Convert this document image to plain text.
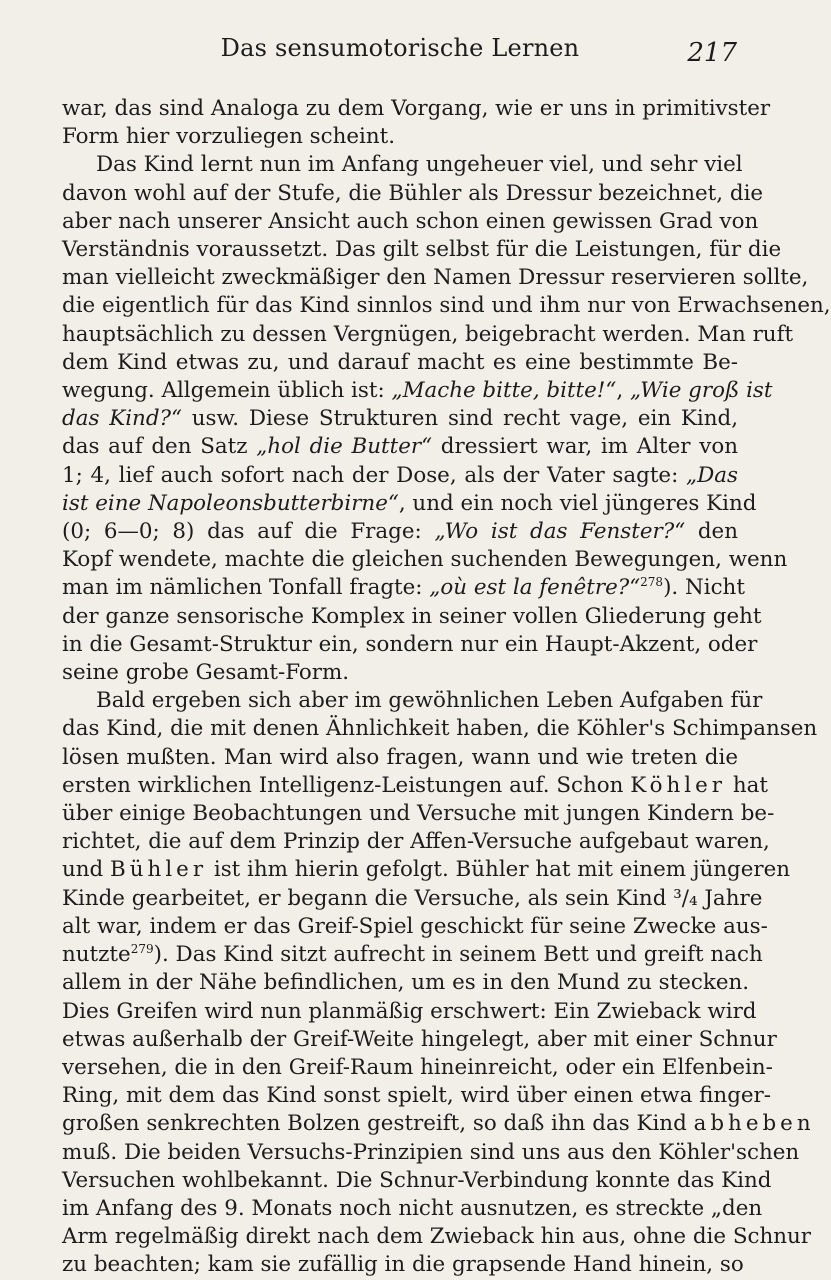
Das sensumotorische Lernen	217
war, das sind Analoga zu dem Vorgang, wie er uns in primitivster
Form hier vorzuliegen scheint.
Das Kind lernt nun im Anfang ungeheuer viel, und sehr viel
davon wohl auf der Stufe, die Bühler als Dressur bezeichnet, die
aber nach unserer Ansicht auch schon einen gewissen Grad von
Verständnis voraussetzt. Das gilt selbst für die Leistungen, für die
man vielleicht zweckmäßiger den Namen Dressur reservieren sollte,
die eigentlich für das Kind sinnlos sind und ihm nur von Erwachsenen,
hauptsächlich zu dessen Vergnügen, beigebracht werden. Man ruft
dem Kind etwas zu, und darauf macht es eine bestimmte Be-
wegung. Allgemein üblich ist: „Mache bitte, bitte!“, „Wie groß ist
das Kind?“ usw. Diese Strukturen sind recht vage, ein Kind,
das auf den Satz „hol die Butter“ dressiert war, im Alter von
1; 4, lief auch sofort nach der Dose, als der Vater sagte: „Das
ist eine Napoleonsbutterbirne“, und ein noch viel jüngeres Kind
(0; 6—0; 8) das auf die Frage: „Wo ist das Fenster?“ den
Kopf wendete, machte die gleichen suchenden Bewegungen, wenn
man im nämlichen Tonfall fragte: „où est la fenêtre?“$^{278}$). Nicht
der ganze sensorische Komplex in seiner vollen Gliederung geht
in die Gesamt-Struktur ein, sondern nur ein Haupt-Akzent, oder
seine grobe Gesamt-Form.
Bald ergeben sich aber im gewöhnlichen Leben Aufgaben für
das Kind, die mit denen Ähnlichkeit haben, die Köhler's Schimpansen
lösen mußten. Man wird also fragen, wann und wie treten die
ersten wirklichen Intelligenz-Leistungen auf. Schon Köhler hat
über einige Beobachtungen und Versuche mit jungen Kindern be-
richtet, die auf dem Prinzip der Affen-Versuche aufgebaut waren,
und Bühler ist ihm hierin gefolgt. Bühler hat mit einem jüngeren
Kinde gearbeitet, er begann die Versuche, als sein Kind ³/₄ Jahre
alt war, indem er das Greif-Spiel geschickt für seine Zwecke aus-
nutzte$^{279}$). Das Kind sitzt aufrecht in seinem Bett und greift nach
allem in der Nähe befindlichen, um es in den Mund zu stecken.
Dies Greifen wird nun planmäßig erschwert: Ein Zwieback wird
etwas außerhalb der Greif-Weite hingelegt, aber mit einer Schnur
versehen, die in den Greif-Raum hineinreicht, oder ein Elfenbein-
Ring, mit dem das Kind sonst spielt, wird über einen etwa finger-
großen senkrechten Bolzen gestreift, so daß ihn das Kind abheben
muß. Die beiden Versuchs-Prinzipien sind uns aus den Köhler'schen
Versuchen wohlbekannt. Die Schnur-Verbindung konnte das Kind
im Anfang des 9. Monats noch nicht ausnutzen, es streckte „den
Arm regelmäßig direkt nach dem Zwieback hin aus, ohne die Schnur
zu beachten; kam sie zufällig in die grapsende Hand hinein, so
